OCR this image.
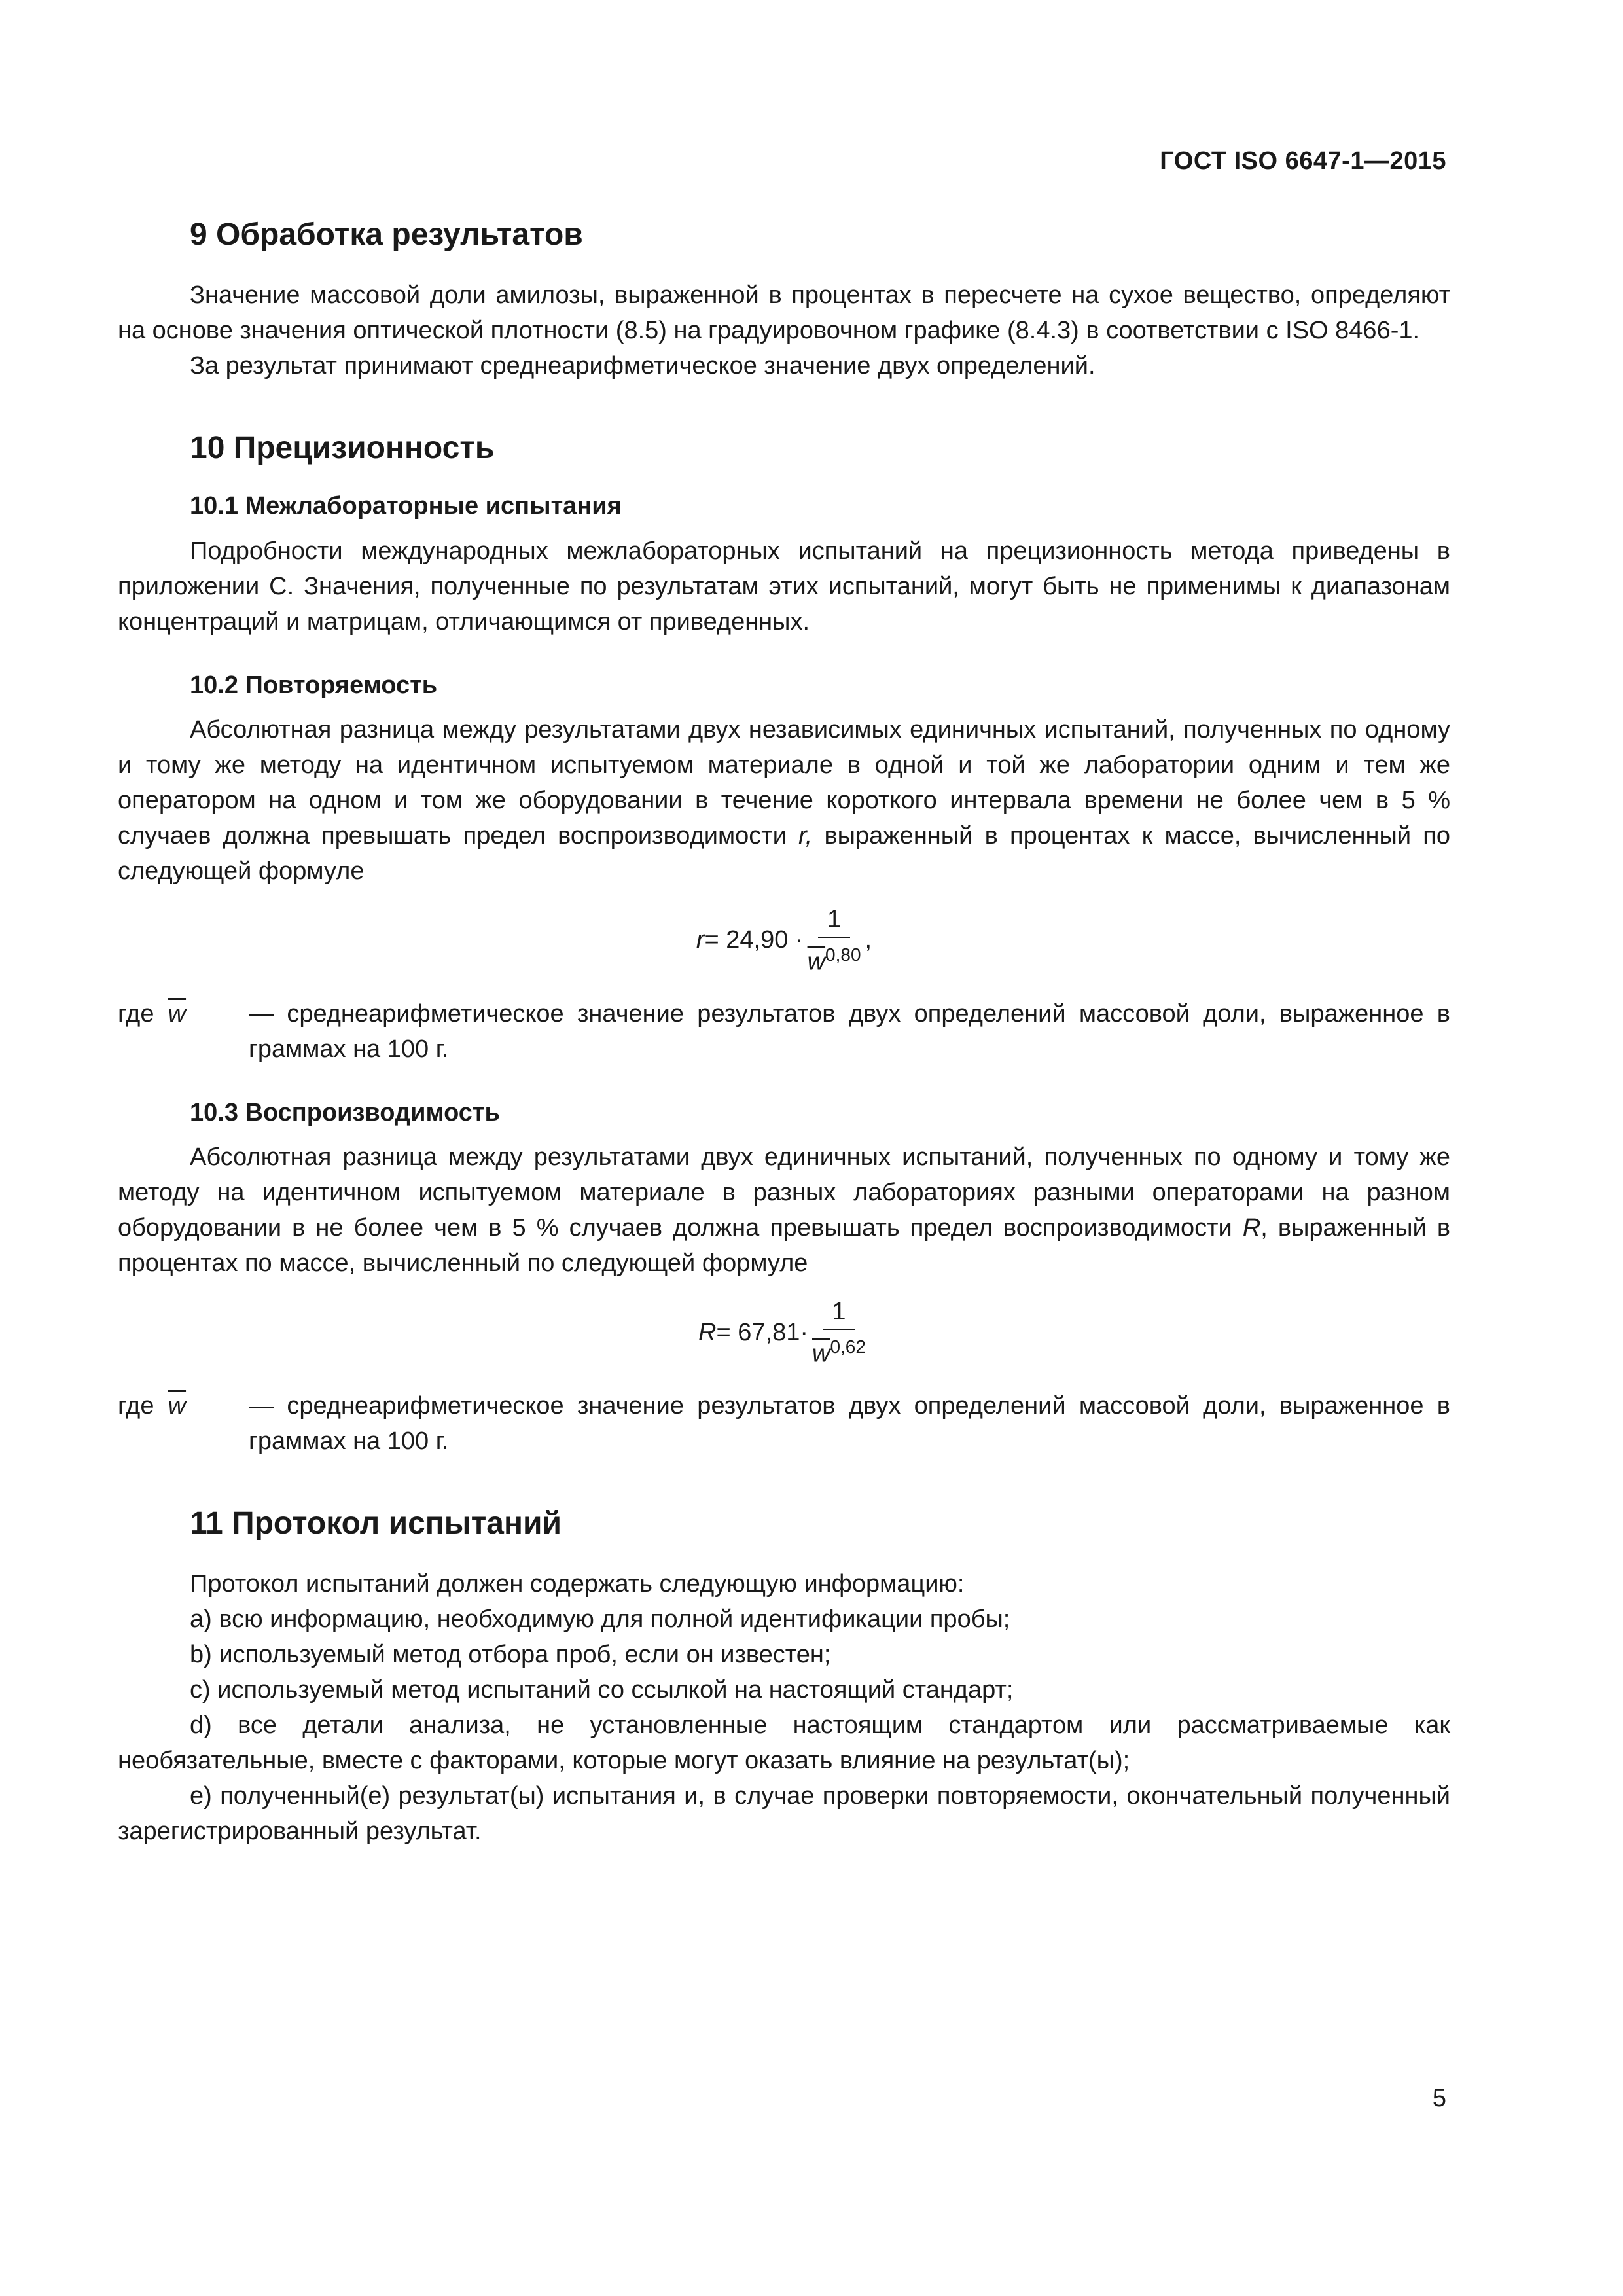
ГОСТ ISO 6647-1—2015
9 Обработка результатов

Значение массовой доли амилозы, выраженной в процентах в пересчете на сухое вещество, определяют на основе значения оптической плотности (8.5) на градуировочном графике (8.4.3) в соответствии с ISO 8466-1.

За результат принимают среднеарифметическое значение двух определений.

10 Прецизионность
10.1 Межлабораторные испытания

Подробности международных межлабораторных испытаний на прецизионность метода приведены в приложении С. Значения, полученные по результатам этих испытаний, могут быть не применимы к диапазонам концентраций и матрицам, отличающимся от приведенных.

10.2 Повторяемость

Абсолютная разница между результатами двух независимых единичных испытаний, полученных по одному и тому же методу на идентичном испытуемом материале в одной и той же лаборатории одним и тем же оператором на одном и том же оборудовании в течение короткого интервала времени не более чем в 5 % случаев должна превышать предел воспроизводимости r, выраженный в процентах к массе, вычисленный по следующей формуле

$r = 24,90 \cdot \frac{1}{\overline{w}^{0,80}}$ ,
где $\overline{w}$	— среднеарифметическое значение результатов двух определений массовой доли, выраженное в граммах на 100 г.
10.3 Воспроизводимость

Абсолютная разница между результатами двух единичных испытаний, полученных по одному и тому же методу на идентичном испытуемом материале в разных лабораториях разными операторами на разном оборудовании в не более чем в 5 % случаев должна превышать предел воспроизводимости R, выраженный в процентах по массе, вычисленный по следующей формуле

$R = 67,81\cdot \frac{1}{\overline{w}^{0,62}}$
где $\overline{w}$	— среднеарифметическое значение результатов двух определений массовой доли, выраженное в граммах на 100 г.
11 Протокол испытаний

Протокол испытаний должен содержать следующую информацию:

a) всю информацию, необходимую для полной идентификации пробы;

b) используемый метод отбора проб, если он известен;

c) используемый метод испытаний со ссылкой на настоящий стандарт;

d) все детали анализа, не установленные настоящим стандартом или рассматриваемые как необязательные, вместе с факторами, которые могут оказать влияние на результат(ы);

e) полученный(е) результат(ы) испытания и, в случае проверки повторяемости, окончательный полученный зарегистрированный результат.

5
